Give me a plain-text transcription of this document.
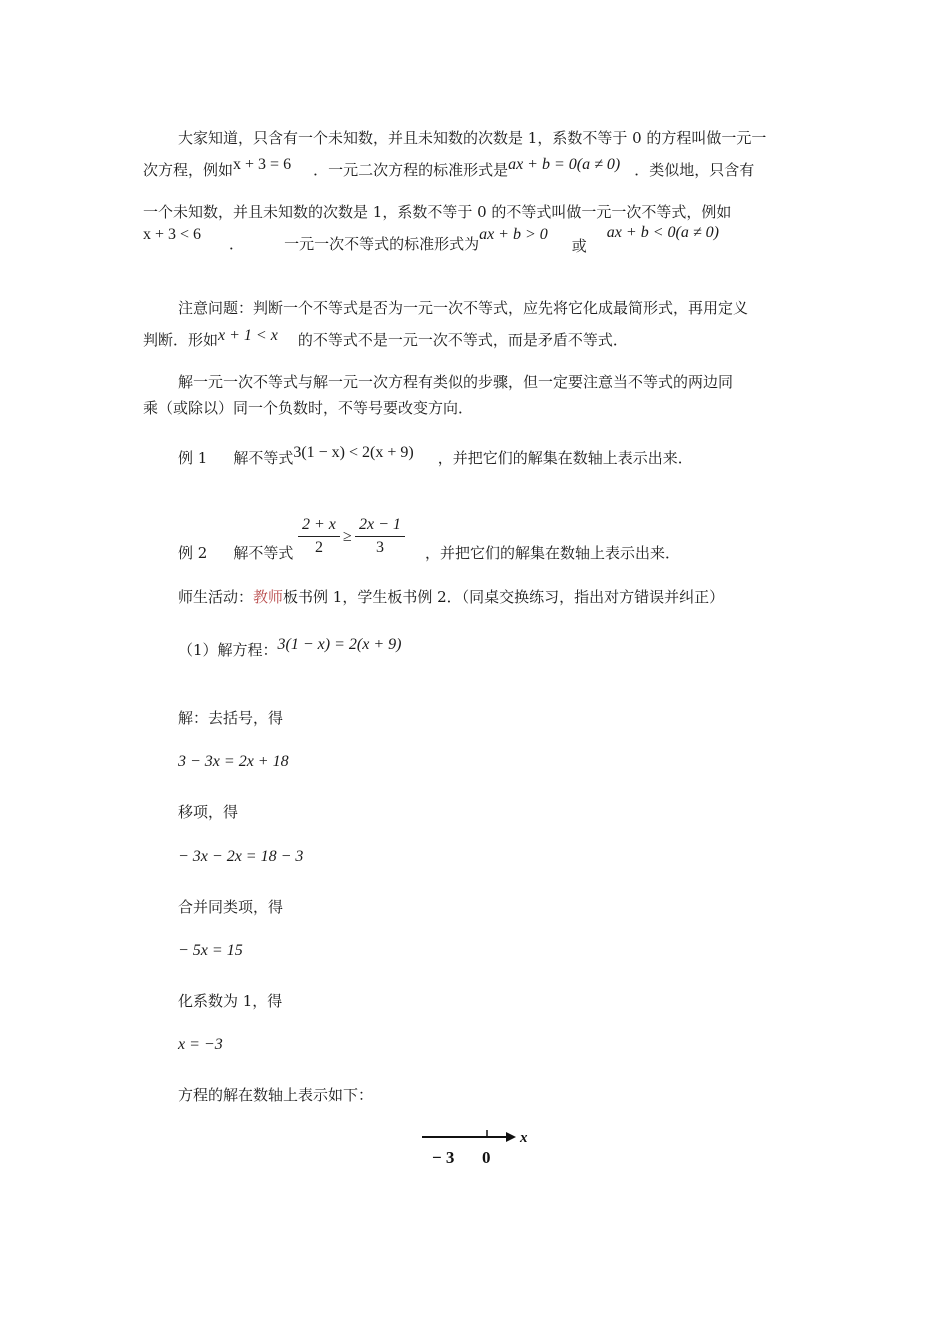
大家知道，只含有一个未知数，并且未知数的次数是 1，系数不等于 0 的方程叫做一元一
次方程，例如x + 3 = 6 ．一元二次方程的标准形式是ax + b = 0(a ≠ 0) ．类似地，只含有
一个未知数，并且未知数的次数是 1，系数不等于 0 的不等式叫做一元一次不等式，例如
x + 3 < 6．	一元一次不等式的标准形式为ax + b > 0或ax + b < 0(a ≠ 0)
注意问题：判断一个不等式是否为一元一次不等式，应先将它化成最简形式，再用定义
判断．形如x + 1 < x 的不等式不是一元一次不等式，而是矛盾不等式．
解一元一次不等式与解一元一次方程有类似的步骤，但一定要注意当不等式的两边同
乘（或除以）同一个负数时，不等号要改变方向．
例 1 解不等式3(1 − x) < 2(x + 9) ，并把它们的解集在数轴上表示出来．
例 2 解不等式
2 + x
2
≥
2x − 1
3	，并把它们的解集在数轴上表示出来．
师生活动：教师板书例 1，学生板书例 2．（同桌交换练习，指出对方错误并纠正）
（1）解方程：3(1 − x) = 2(x + 9)
解：去括号，得
3 − 3x = 2x + 18
移项，得
− 3x − 2x = 18 − 3
合并同类项，得
− 5x = 15
化系数为 1，得
x = −3
方程的解在数轴上表示如下：
x
− 3 0
